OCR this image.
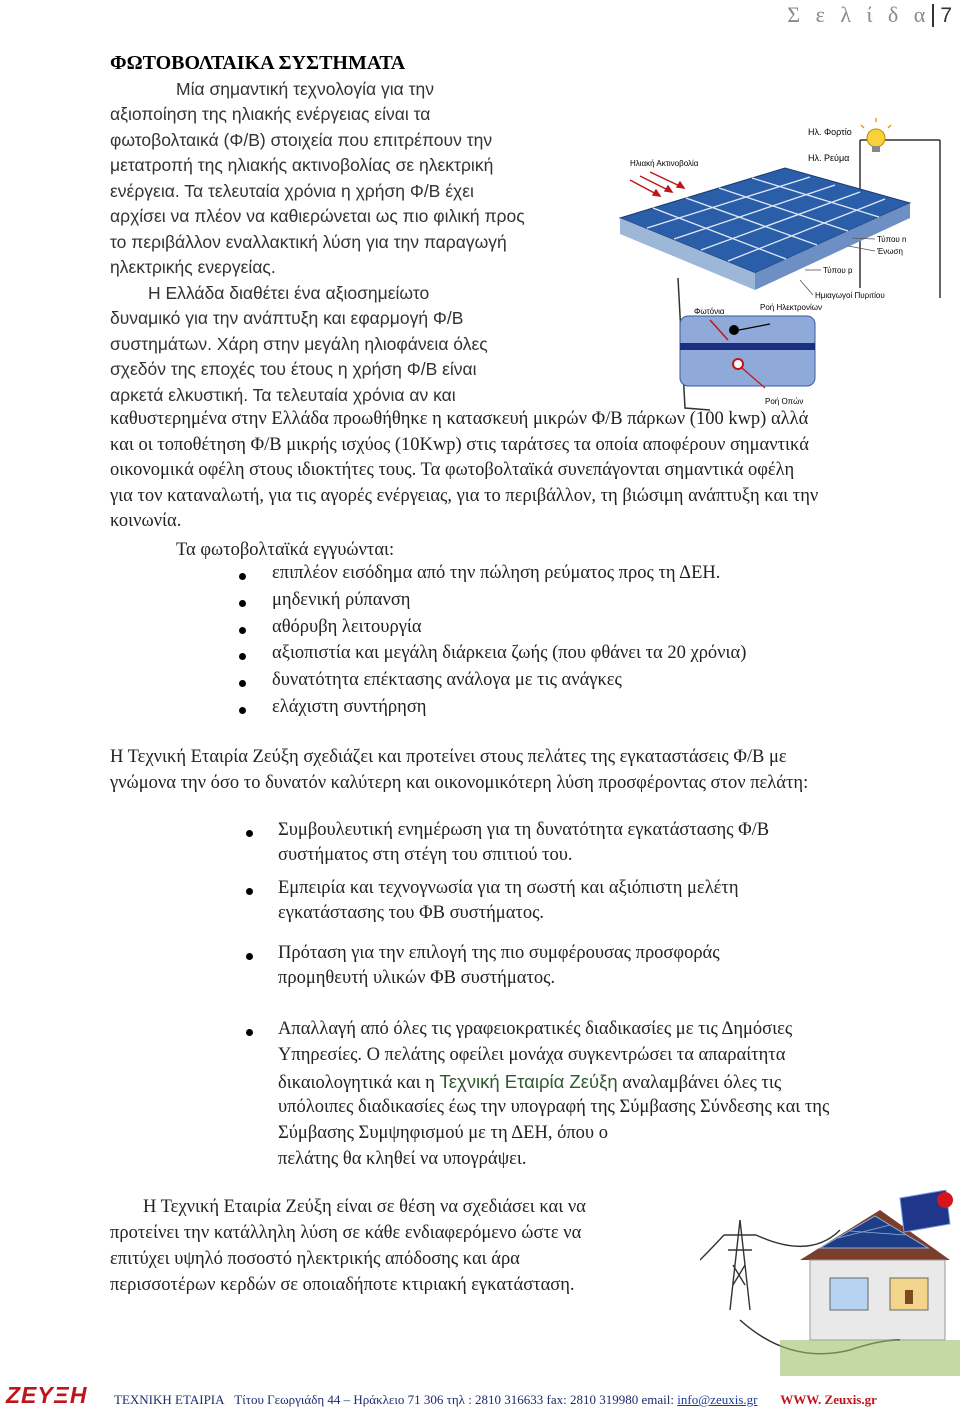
Σ ε λ ί δ α 7
ΦΩΤΟΒΟΛΤΑΙΚΑ ΣΥΣΤΗΜΑΤΑ
Μία σημαντική τεχνολογία για την
αξιοποίηση της ηλιακής ενέργειας είναι τα
φωτοβολταικά (Φ/Β) στοιχεία που επιτρέπουν την
μετατροπή της ηλιακής ακτινοβολίας σε ηλεκτρική
ενέργεια. Τα τελευταία χρόνια η χρήση Φ/Β έχει
αρχίσει να πλέον να καθιερώνεται ως πιο φιλική προς
το περιβάλλον εναλλακτική λύση για την παραγωγή
ηλεκτρικής ενεργείας.
Η Ελλάδα διαθέτει ένα αξιοσημείωτο
δυναμικό για την ανάπτυξη και εφαρμογή Φ/Β
συστημάτων. Χάρη στην μεγάλη ηλιοφάνεια όλες
σχεδόν της εποχές του έτους η χρήση Φ/Β είναι
αρκετά ελκυστική. Τα τελευταία χρόνια αν και
καθυστερημένα στην Ελλάδα προωθήθηκε η κατασκευή μικρών Φ/Β πάρκων (100 kwp) αλλά
και οι τοποθέτηση Φ/Β μικρής ισχύος (10Kwp) στις ταράτσες τα οποία αποφέρουν σημαντικά
οικονομικά οφέλη στους ιδιοκτήτες τους. Τα φωτοβολταϊκά συνεπάγονται σημαντικά οφέλη
για τον καταναλωτή, για τις αγορές ενέργειας, για το περιβάλλον, τη βιώσιμη ανάπτυξη και την
κοινωνία.
Τα φωτοβολταϊκά εγγυώνται:
επιπλέον εισόδημα από την πώληση ρεύματος προς τη ΔΕΗ.
μηδενική ρύπανση
αθόρυβη λειτουργία
αξιοπιστία και μεγάλη διάρκεια ζωής (που φθάνει τα 20 χρόνια)
δυνατότητα επέκτασης ανάλογα με τις ανάγκες
ελάχιστη συντήρηση
Η Τεχνική Εταιρία Ζεύξη σχεδιάζει και προτείνει στους πελάτες της εγκαταστάσεις Φ/Β με
γνώμονα την όσο το δυνατόν καλύτερη και οικονομικότερη λύση προσφέροντας στον πελάτη:
Συμβουλευτική ενημέρωση για τη δυνατότητα εγκατάστασης Φ/Β
συστήματος στη στέγη του σπιτιού του.
Εμπειρία και τεχνογνωσία για τη σωστή και αξιόπιστη μελέτη
εγκατάστασης του ΦΒ συστήματος.
Πρόταση για την επιλογή της πιο συμφέρουσας προσφοράς
προμηθευτή υλικών ΦΒ συστήματος.
Απαλλαγή από όλες τις γραφειοκρατικές διαδικασίες με τις Δημόσιες
Υπηρεσίες. Ο πελάτης οφείλει μονάχα συγκεντρώσει τα απαραίτητα
δικαιολογητικά και η Τεχνική Εταιρία Ζεύξη αναλαμβάνει όλες τις
υπόλοιπες διαδικασίες έως την υπογραφή της Σύμβασης Σύνδεσης και της
Σύμβασης Συμψηφισμού με τη ΔΕΗ, όπου ο
πελάτης θα κληθεί να υπογράψει.
Η Τεχνική Εταιρία Ζεύξη είναι σε θέση να σχεδιάσει και να
προτείνει την κατάλληλη λύση σε κάθε ενδιαφερόμενο ώστε να
επιτύχει υψηλό ποσοστό ηλεκτρικής απόδοσης και άρα
περισσοτέρων κερδών σε οποιαδήποτε κτιριακή εγκατάσταση.
Ηλ. Φορτίο
Ηλ. Ρεύμα
Ηλιακή Ακτινοβολία
Τύπου n
Ένωση
Τύπου p
Ημιαγωγοί Πυριτίου
Φωτόνια	Ροή Ηλεκτρονίων
Ροή Οπών
ΖΕΥΞΗ ΤΕΧΝΙΚΗ ΕΤΑΙΡΙΑ Τίτου Γεωργιάδη 44 – Ηράκλειο 71 306 τηλ : 2810 316633 fax: 2810 319980 email: info@zeuxis.gr WWW. Zeuxis.gr
